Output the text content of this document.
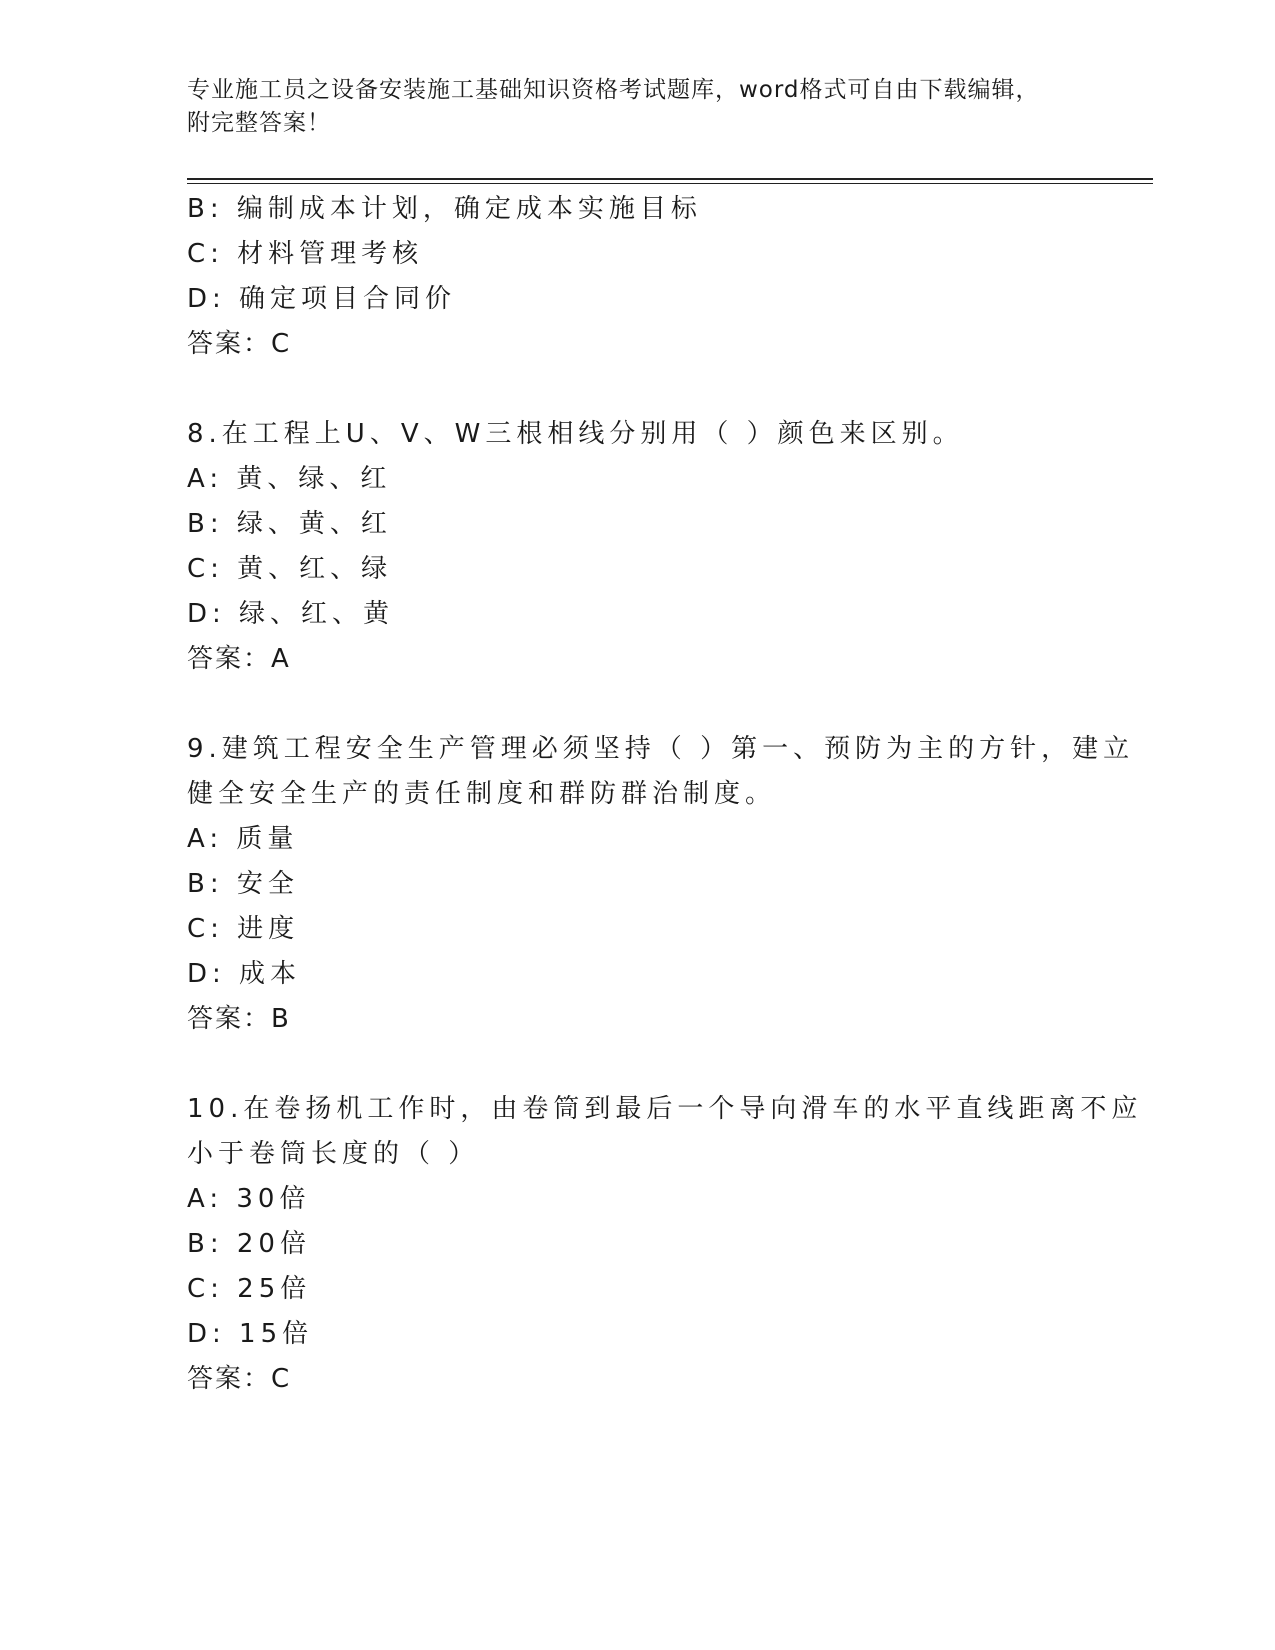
专业施工员之设备安装施工基础知识资格考试题库，word格式可自由下载编辑，
附完整答案！
B: 编制成本计划，确定成本实施目标
C: 材料管理考核
D: 确定项目合同价
答案：C
8.在工程上U、V、W三根相线分别用（ ）颜色来区别。
A: 黄、绿、红
B: 绿、黄、红
C: 黄、红、绿
D: 绿、红、黄
答案：A
9.建筑工程安全生产管理必须坚持（ ）第一、预防为主的方针，建立
健全安全生产的责任制度和群防群治制度。
A: 质量
B: 安全
C: 进度
D: 成本
答案：B
10.在卷扬机工作时，由卷筒到最后一个导向滑车的水平直线距离不应
小于卷筒长度的（ ）
A: 30倍
B: 20倍
C: 25倍
D: 15倍
答案：C
